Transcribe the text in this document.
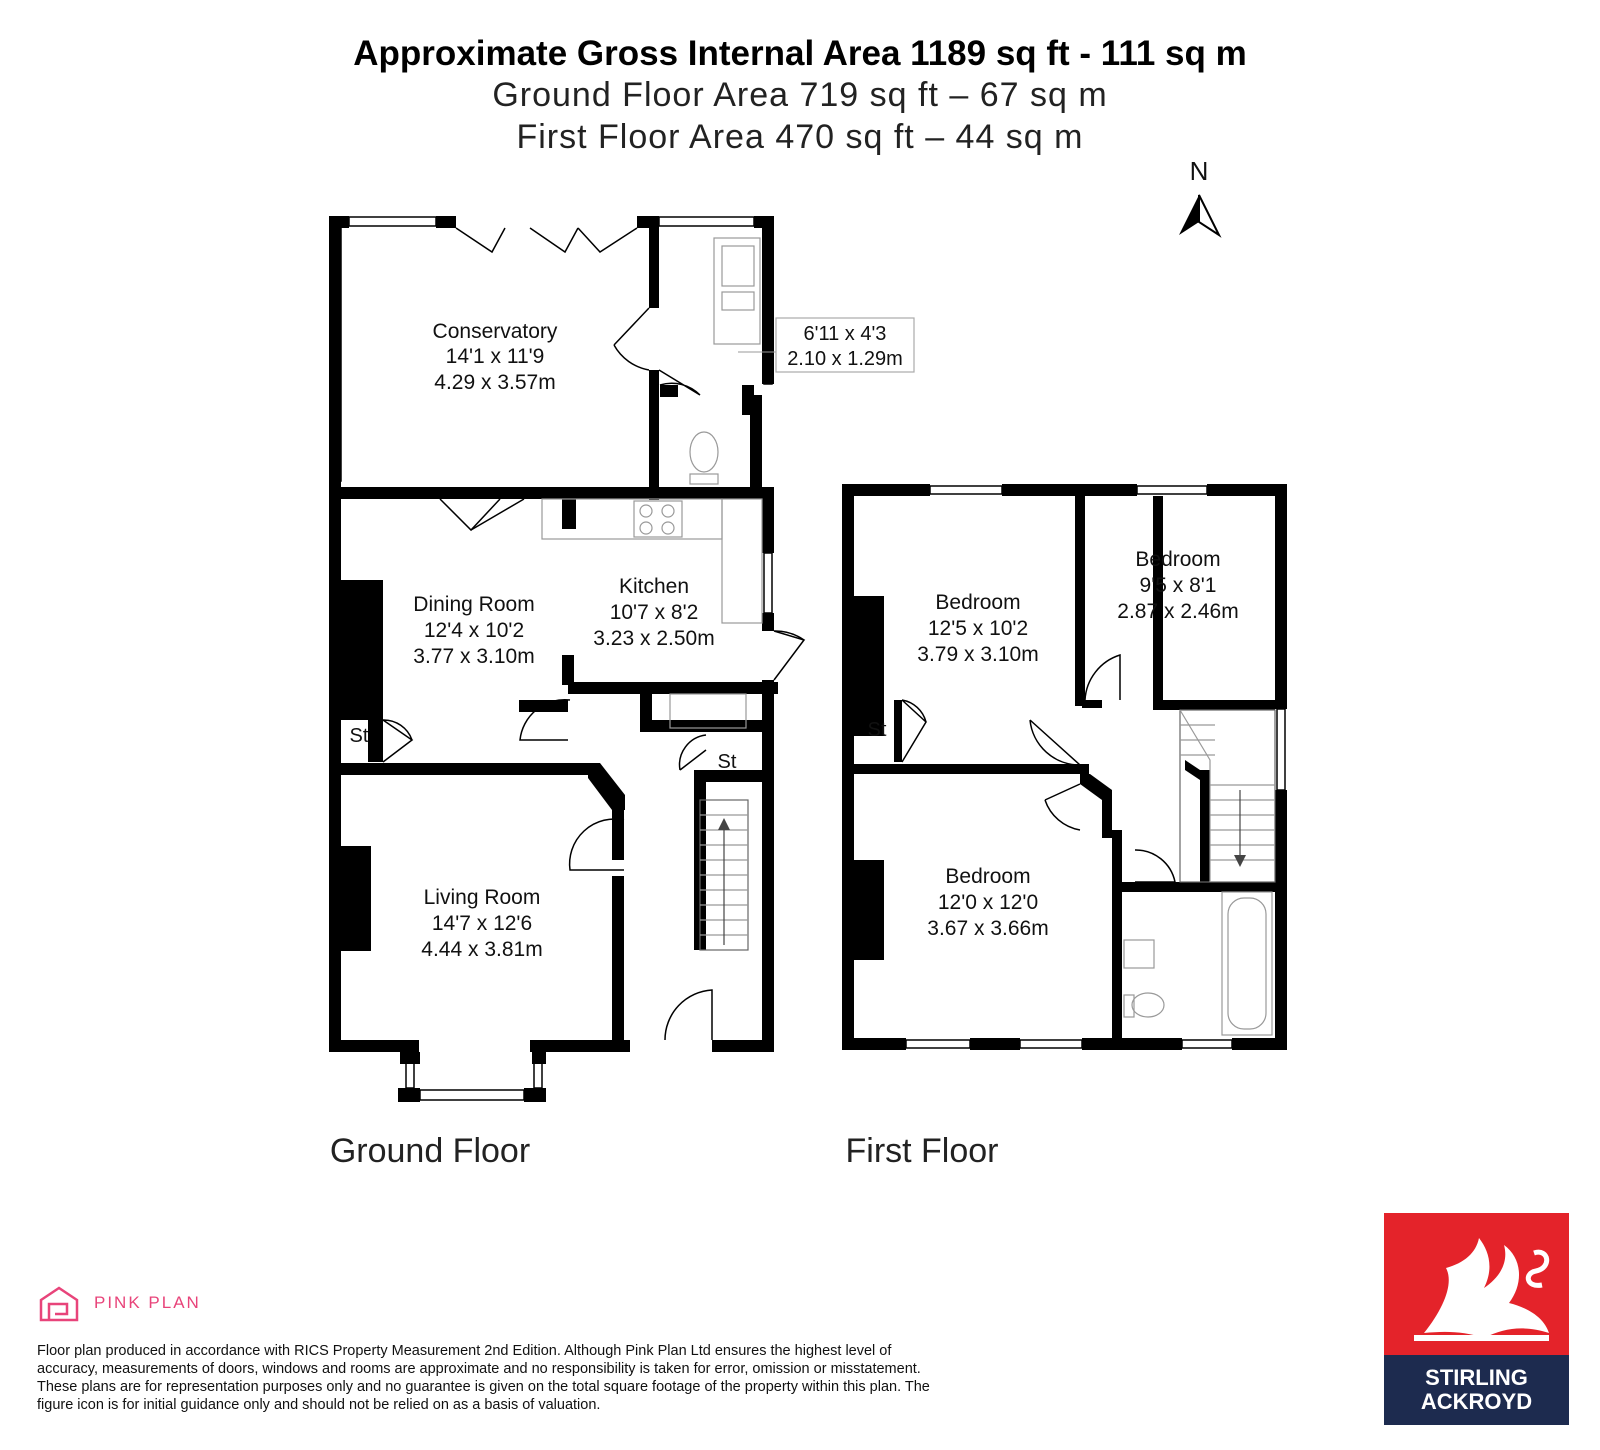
Approximate Gross Internal Area 1189 sq ft - 111 sq m
Ground Floor Area 719 sq ft – 67 sq m
First Floor Area 470 sq ft – 44 sq m
N
6'11 x 4'3
2.10 x 1.29m
Conservatory
14'1 x 11'9
4.29 x 3.57m
Dining Room
12'4 x 10'2
3.77 x 3.10m
Kitchen
10'7 x 8'2
3.23 x 2.50m
Living Room
14'7 x 12'6
4.44 x 3.81m
St
St
Ground Floor
Bedroom
12'5 x 10'2
3.79 x 3.10m
Bedroom
9'5 x 8'1
2.87 x 2.46m
Bedroom
12'0 x 12'0
3.67 x 3.66m
St
First Floor
PINK PLAN
Floor plan produced in accordance with RICS Property Measurement 2nd Edition. Although Pink Plan Ltd ensures the highest level of accuracy, measurements of doors, windows and rooms are approximate and no responsibility is taken for error, omission or misstatement. These plans are for representation purposes only and no guarantee is given on the total square footage of the property within this plan. The figure icon is for initial guidance only and should not be relied on as a basis of valuation.
STIRLING
ACKROYD
